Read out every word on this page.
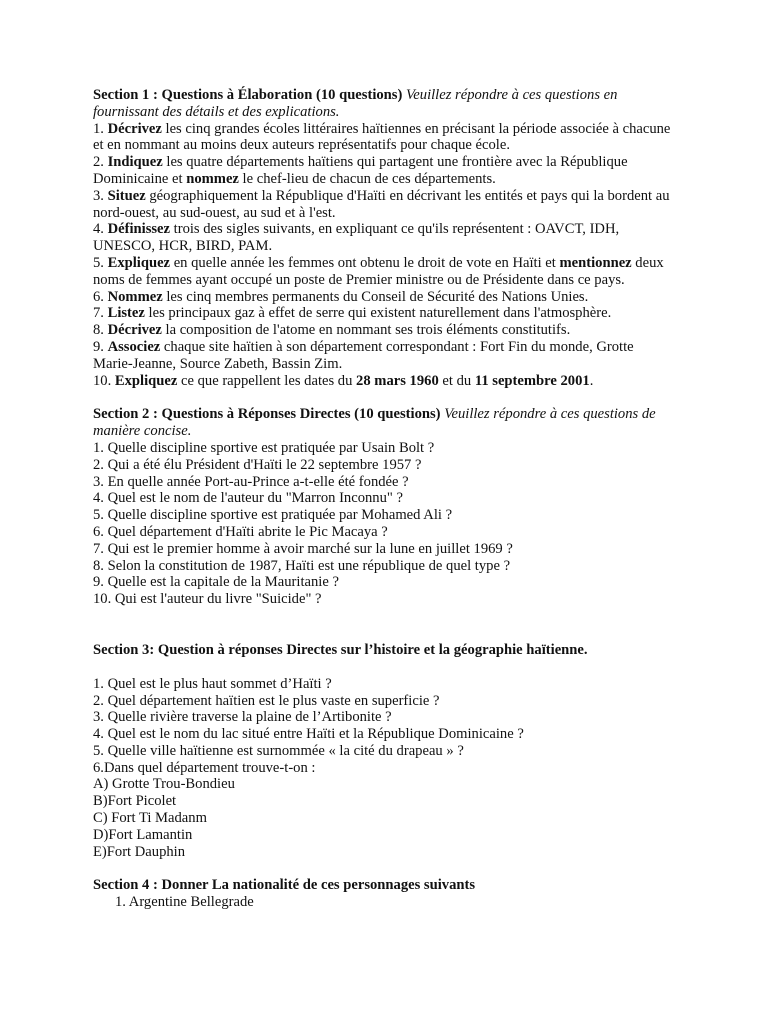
Section 1 : Questions à Élaboration (10 questions) Veuillez répondre à ces questions en fournissant des détails et des explications.
1. Décrivez les cinq grandes écoles littéraires haïtiennes en précisant la période associée à chacune et en nommant au moins deux auteurs représentatifs pour chaque école.
2. Indiquez les quatre départements haïtiens qui partagent une frontière avec la République Dominicaine et nommez le chef-lieu de chacun de ces départements.
3. Situez géographiquement la République d'Haïti en décrivant les entités et pays qui la bordent au nord-ouest, au sud-ouest, au sud et à l'est.
4. Définissez trois des sigles suivants, en expliquant ce qu'ils représentent : OAVCT, IDH, UNESCO, HCR, BIRD, PAM.
5. Expliquez en quelle année les femmes ont obtenu le droit de vote en Haïti et mentionnez deux noms de femmes ayant occupé un poste de Premier ministre ou de Présidente dans ce pays.
6. Nommez les cinq membres permanents du Conseil de Sécurité des Nations Unies.
7. Listez les principaux gaz à effet de serre qui existent naturellement dans l'atmosphère.
8. Décrivez la composition de l'atome en nommant ses trois éléments constitutifs.
9. Associez chaque site haïtien à son département correspondant : Fort Fin du monde, Grotte Marie-Jeanne, Source Zabeth, Bassin Zim.
10. Expliquez ce que rappellent les dates du 28 mars 1960 et du 11 septembre 2001.
Section 2 : Questions à Réponses Directes (10 questions) Veuillez répondre à ces questions de manière concise.
1. Quelle discipline sportive est pratiquée par Usain Bolt ?
2. Qui a été élu Président d'Haïti le 22 septembre 1957 ?
3. En quelle année Port-au-Prince a-t-elle été fondée ?
4. Quel est le nom de l'auteur du "Marron Inconnu" ?
5. Quelle discipline sportive est pratiquée par Mohamed Ali ?
6. Quel département d'Haïti abrite le Pic Macaya ?
7. Qui est le premier homme à avoir marché sur la lune en juillet 1969 ?
8. Selon la constitution de 1987, Haïti est une république de quel type ?
9. Quelle est la capitale de la Mauritanie ?
10. Qui est l'auteur du livre "Suicide" ?
Section 3: Question à réponses Directes sur l’histoire et la géographie haïtienne.
1. Quel est le plus haut sommet d’Haïti ?
2. Quel département haïtien est le plus vaste en superficie ?
3. Quelle rivière traverse la plaine de l’Artibonite ?
4. Quel est le nom du lac situé entre Haïti et la République Dominicaine ?
5. Quelle ville haïtienne est surnommée « la cité du drapeau » ?
6.Dans quel département trouve-t-on :
A) Grotte Trou-Bondieu
B)Fort Picolet
C) Fort Ti Madanm
D)Fort Lamantin
E)Fort Dauphin
Section 4 : Donner La nationalité de ces personnages suivants
1. Argentine Bellegrade
